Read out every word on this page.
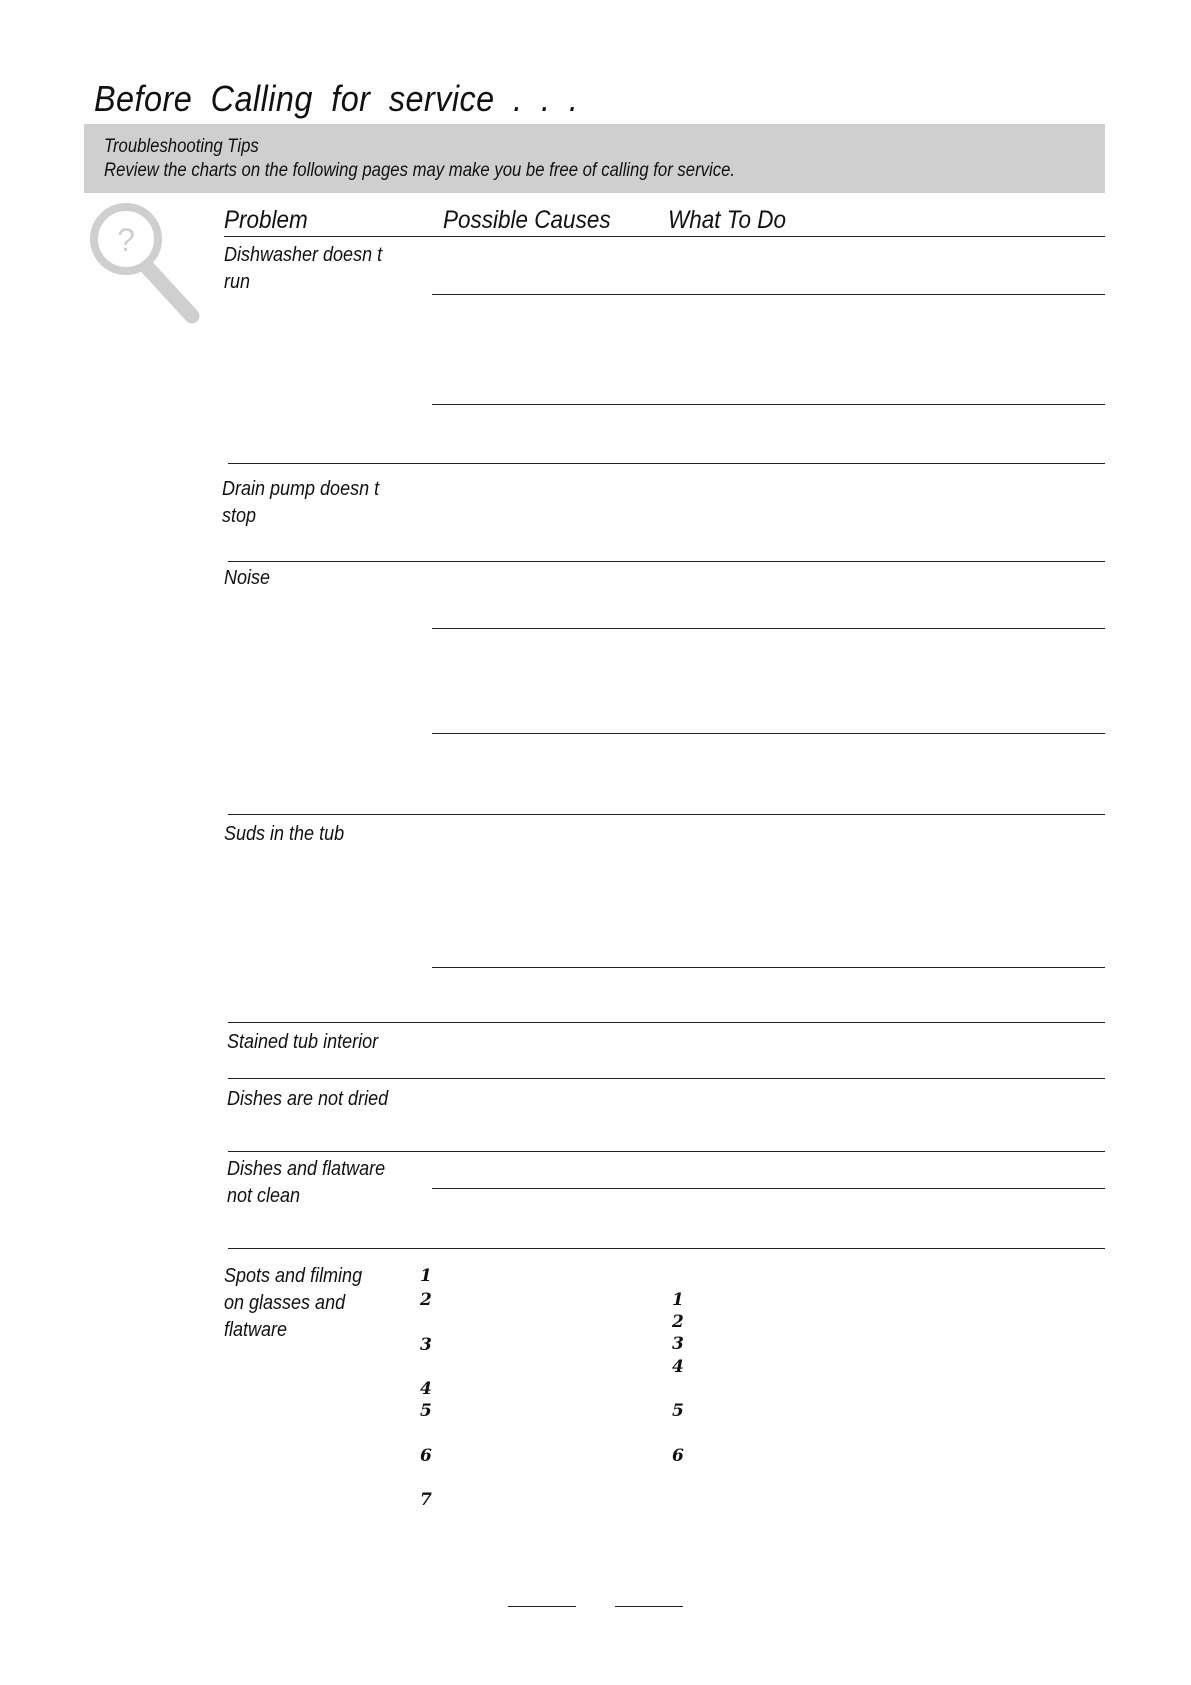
Before Calling for service . . .
Troubleshooting Tips
Review the charts on the following pages may make you be free of calling for service.
?
Problem	Possible Causes What To Do
Dishwasher doesn t
run
Drain pump doesn t
stop
Noise
Suds in the tub
Stained tub interior
Dishes are not dried
Dishes and flatware
not clean
Spots and filming
on glasses and
flatware
1
2
3
4
5
6
7
1
2
3
4
5
6
